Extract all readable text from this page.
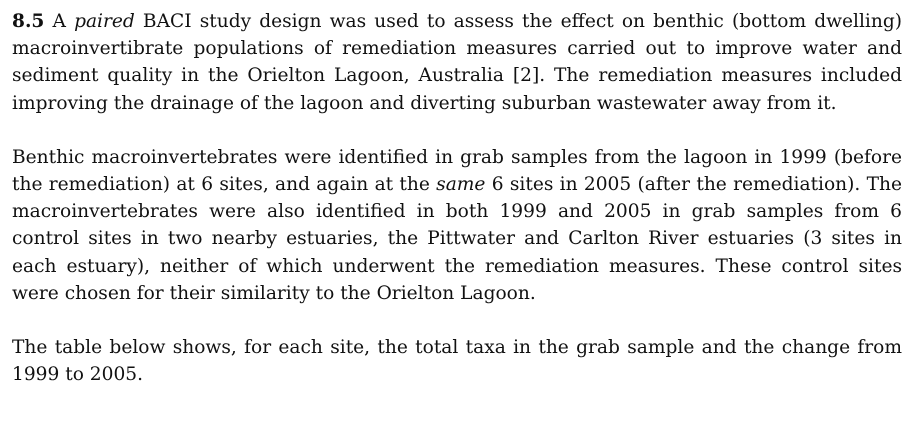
8.5 A paired BACI study design was used to assess the effect on benthic (bottom dwelling) macroinvertibrate populations of remediation measures carried out to improve water and sediment quality in the Orielton Lagoon, Australia [2]. The remediation measures included improving the drainage of the lagoon and diverting suburban wastewater away from it.

Benthic macroinvertebrates were identified in grab samples from the lagoon in 1999 (before the remediation) at 6 sites, and again at the same 6 sites in 2005 (after the remediation). The macroinvertebrates were also identified in both 1999 and 2005 in grab samples from 6 control sites in two nearby estuaries, the Pittwater and Carlton River estuaries (3 sites in each estuary), neither of which underwent the remediation measures. These control sites were chosen for their similarity to the Orielton Lagoon.

The table below shows, for each site, the total taxa in the grab sample and the change from 1999 to 2005.
